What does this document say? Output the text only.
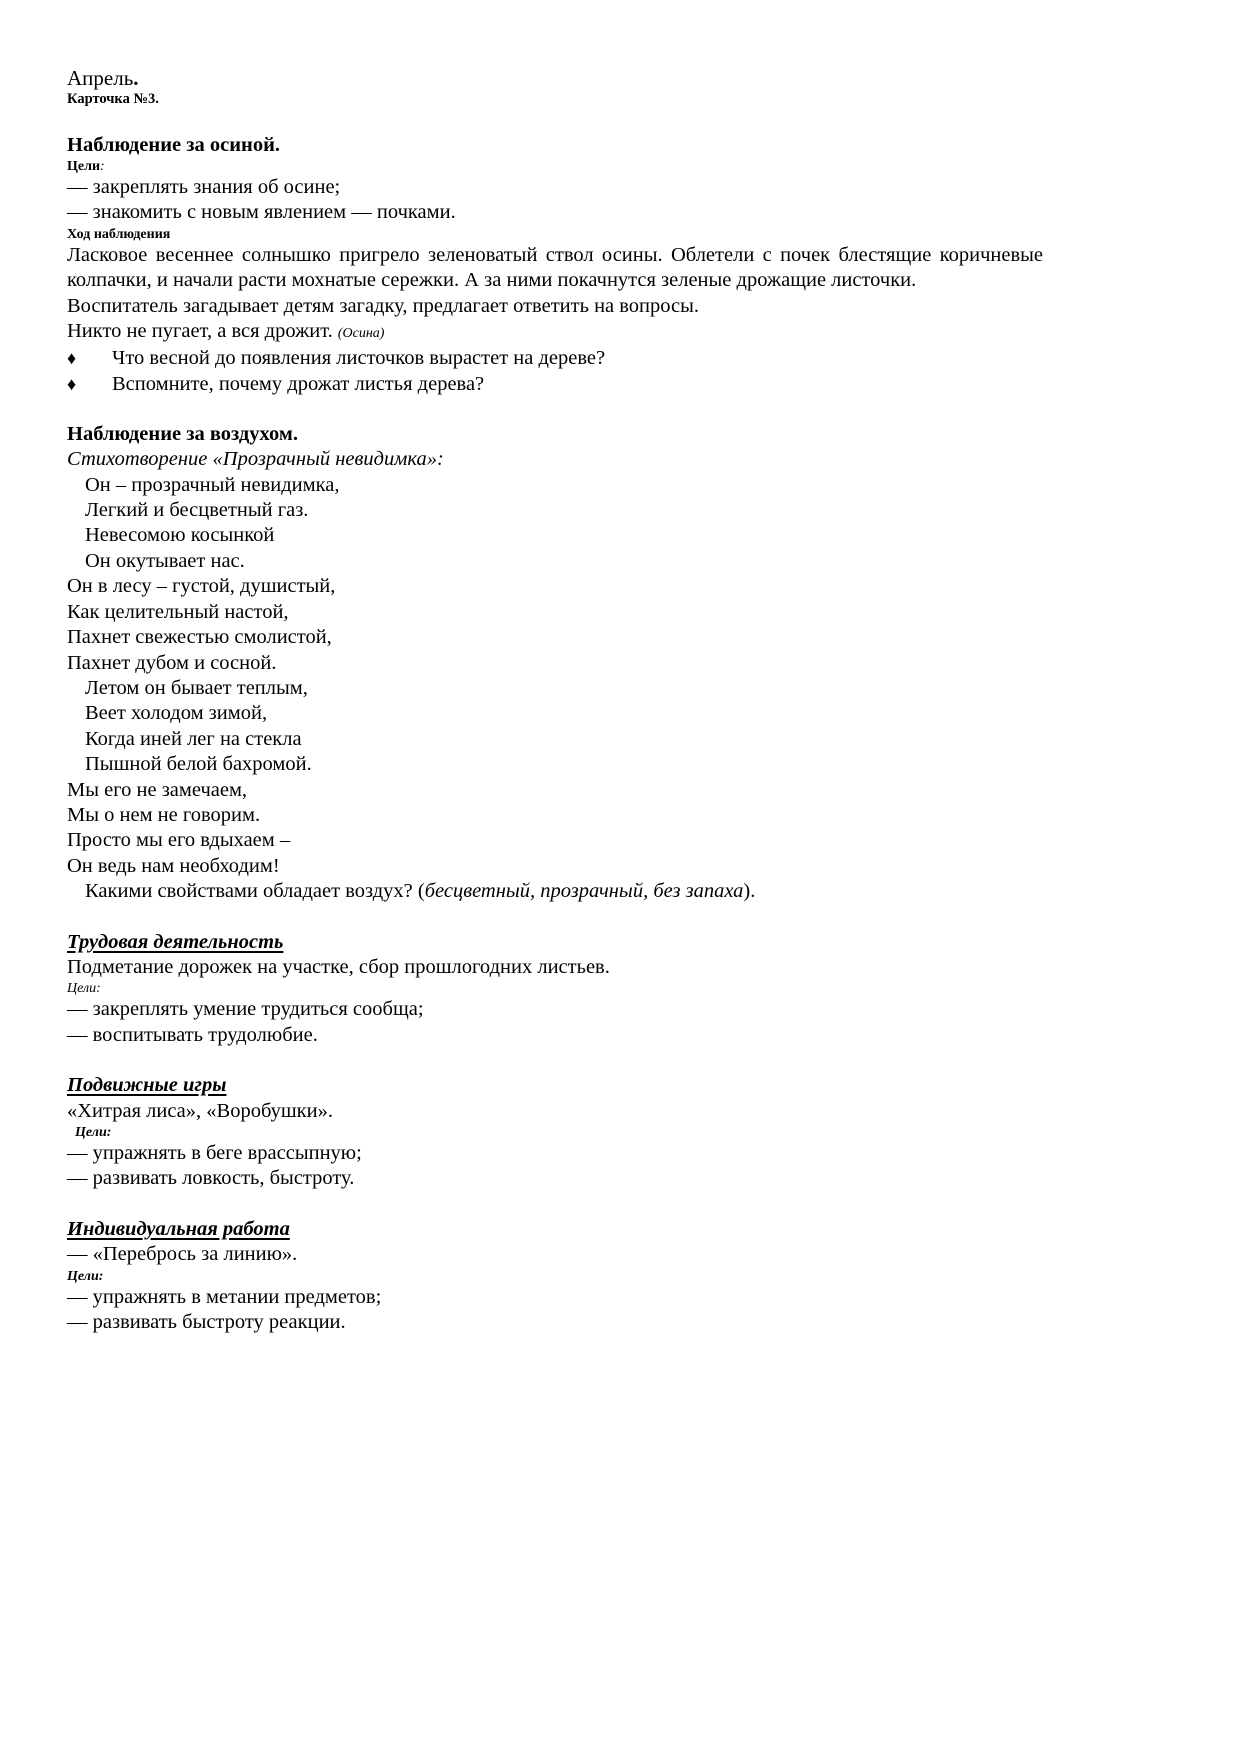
Апрель.
Карточка №3.
Наблюдение за осиной.
Цели:
— закреплять знания об осине;
— знакомить с новым явлением — почками.
Ход наблюдения
Ласковое весеннее солнышко пригрело зеленоватый ствол осины. Облетели с почек блестящие коричневые колпачки, и начали расти мохнатые сережки. А за ними покачнутся зеленые дрожащие листочки.
Воспитатель загадывает детям загадку, предлагает ответить на вопросы.
Никто не пугает, а вся дрожит. (Осина)
♦	Что весной до появления листочков вырастет на дереве?
♦	Вспомните, почему дрожат листья дерева?
Наблюдение за воздухом.
Стихотворение «Прозрачный невидимка»:
Он – прозрачный невидимка,
Легкий и бесцветный газ.
Невесомою косынкой
Он окутывает нас.
Он в лесу – густой, душистый,
Как целительный настой,
Пахнет свежестью смолистой,
Пахнет дубом и сосной.
Летом он бывает теплым,
Веет холодом зимой,
Когда иней лег на стекла
Пышной белой бахромой.
Мы его не замечаем,
Мы о нем не говорим.
Просто мы его вдыхаем –
Он ведь нам необходим!
Какими свойствами обладает воздух? (бесцветный, прозрачный, без запаха).
Трудовая деятельность
Подметание дорожек на участке, сбор прошлогодних листьев.
Цели:
— закреплять умение трудиться сообща;
— воспитывать трудолюбие.
Подвижные игры
«Хитрая лиса», «Воробушки».
Цели:
— упражнять в беге врассыпную;
— развивать ловкость, быстроту.
Индивидуальная работа
— «Перебрось за линию».
Цели:
— упражнять в метании предметов;
— развивать быстроту реакции.
